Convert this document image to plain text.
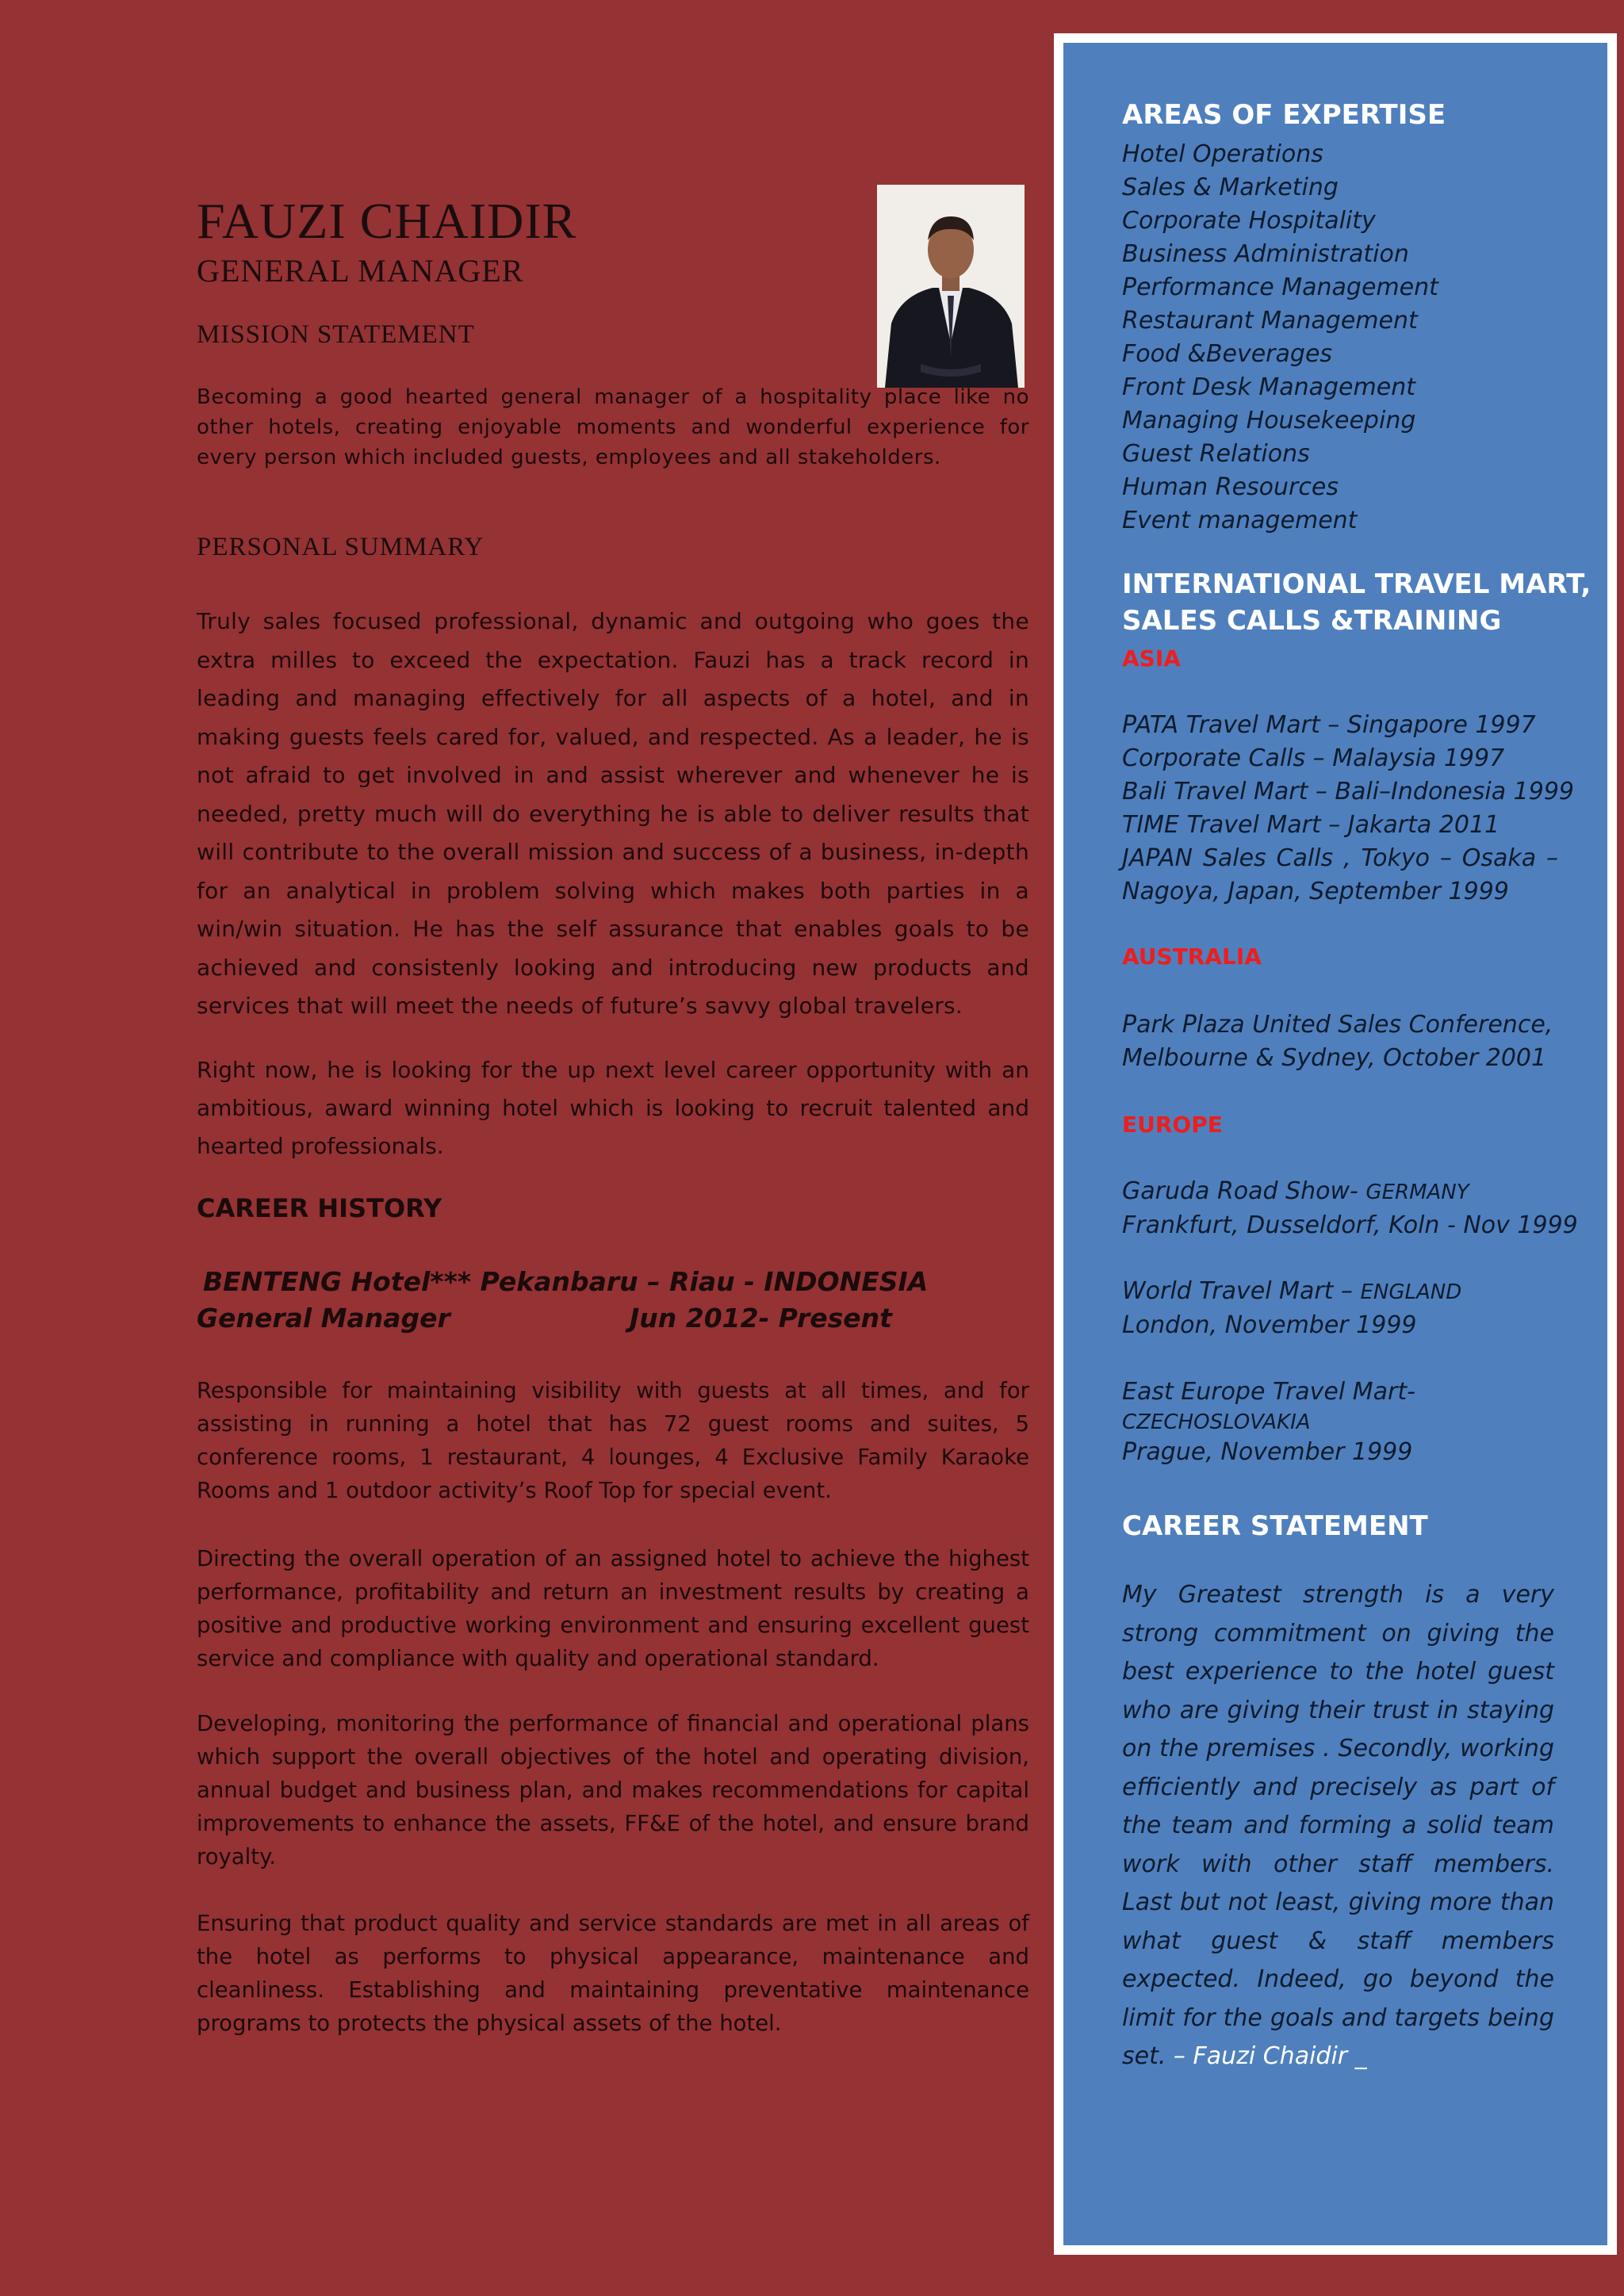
FAUZI CHAIDIR
GENERAL MANAGER
MISSION STATEMENT

Becoming a good hearted general manager of a hospitality place like no other hotels, creating enjoyable moments and wonderful experience for every person which included guests, employees and all stakeholders.

PERSONAL SUMMARY

Truly sales focused professional, dynamic and outgoing who goes the extra milles to exceed the expectation. Fauzi has a track record in leading and managing effectively for all aspects of a hotel, and in making guests feels cared for, valued, and respected. As a leader, he is not afraid to get involved in and assist wherever and whenever he is needed, pretty much will do everything he is able to deliver results that will contribute to the overall mission and success of a business, in-depth for an analytical in problem solving which makes both parties in a win/win situation. He has the self assurance that enables goals to be achieved and consistenly looking and introducing new products and services that will meet the needs of future’s savvy global travelers.

Right now, he is looking for the up next level career opportunity with an ambitious, award winning hotel which is looking to recruit talented and hearted professionals.

CAREER HISTORY
BENTENG Hotel*** Pekanbaru – Riau - INDONESIA
General Manager	Jun 2012- Present

Responsible for maintaining visibility with guests at all times, and for assisting in running a hotel that has 72 guest rooms and suites, 5 conference rooms, 1 restaurant, 4 lounges, 4 Exclusive Family Karaoke Rooms and 1 outdoor activity’s Roof Top for special event.

Directing the overall operation of an assigned hotel to achieve the highest performance, profitability and return an investment results by creating a positive and productive working environment and ensuring excellent guest service and compliance with quality and operational standard.

Developing, monitoring the performance of financial and operational plans which support the overall objectives of the hotel and operating division, annual budget and business plan, and makes recommendations for capital improvements to enhance the assets, FF&E of the hotel, and ensure brand royalty.

Ensuring that product quality and service standards are met in all areas of the hotel as performs to physical appearance, maintenance and cleanliness. Establishing and maintaining preventative maintenance programs to protects the physical assets of the hotel.

AREAS OF EXPERTISE
Hotel Operations
Sales & Marketing
Corporate Hospitality
Business Administration
Performance Management
Restaurant Management
Food &Beverages
Front Desk Management
Managing Housekeeping
Guest Relations
Human Resources
Event management
INTERNATIONAL TRAVEL MART,
SALES CALLS &TRAINING
ASIA
PATA Travel Mart – Singapore 1997
Corporate Calls – Malaysia 1997
Bali Travel Mart – Bali–Indonesia 1999
TIME Travel Mart – Jakarta 2011
JAPAN Sales Calls , Tokyo – Osaka –
Nagoya, Japan, September 1999
AUSTRALIA
Park Plaza United Sales Conference,
Melbourne & Sydney, October 2001
EUROPE
Garuda Road Show- GERMANY
Frankfurt, Dusseldorf, Koln - Nov 1999
World Travel Mart – ENGLAND
London, November 1999
East Europe Travel Mart-
CZECHOSLOVAKIA
Prague, November 1999
CAREER STATEMENT

My Greatest strength is a very strong commitment on giving the best experience to the hotel guest who are giving their trust in staying on the premises . Secondly, working efficiently and precisely as part of the team and forming a solid team work with other staff members. Last but not least, giving more than what guest & staff members expected. Indeed, go beyond the limit for the goals and targets being set. – Fauzi Chaidir _
